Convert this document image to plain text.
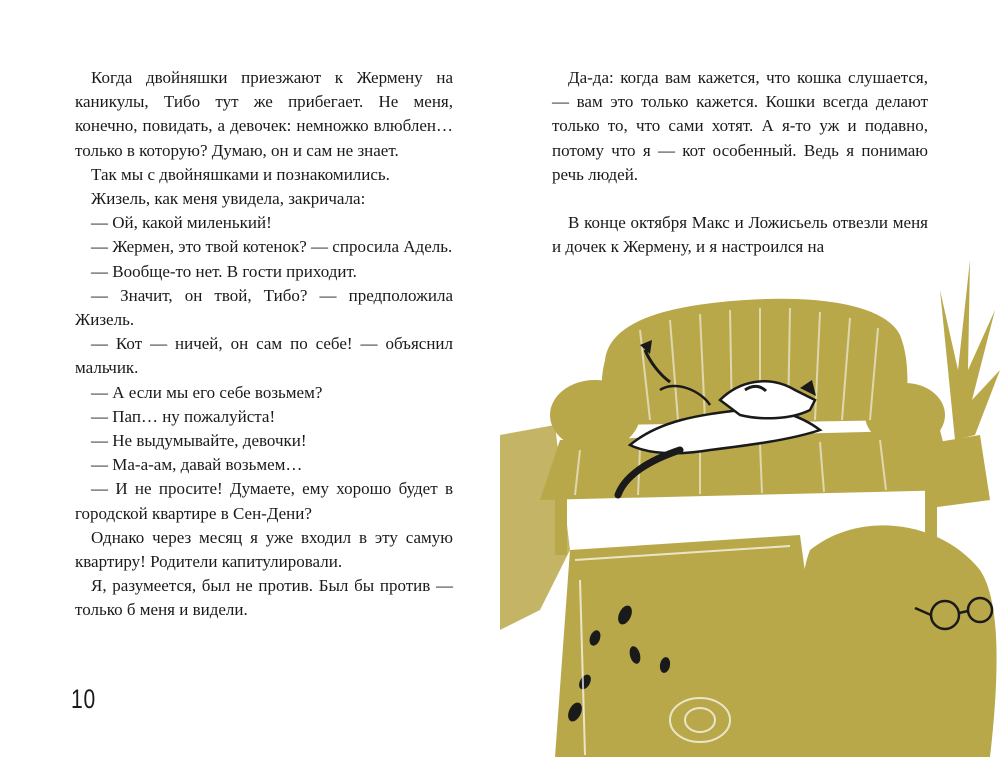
Когда двойняшки приезжают к Жермену на каникулы, Тибо тут же прибегает. Не меня, конечно, повидать, а девочек: немножко влюблен… только в которую? Думаю, он и сам не знает.

Так мы с двойняшками и познакомились.

Жизель, как меня увидела, закричала:

— Ой, какой миленький!

— Жермен, это твой котенок? — спросила Адель.

— Вообще-то нет. В гости приходит.

— Значит, он твой, Тибо? — предположила Жизель.

— Кот — ничей, он сам по себе! — объяснил мальчик.

— А если мы его себе возьмем?

— Пап… ну пожалуйста!

— Не выдумывайте, девочки!

— Ма-а-ам, давай возьмем…

— И не просите! Думаете, ему хорошо будет в городской квартире в Сен-Дени?

Однако через месяц я уже входил в эту самую квартиру! Родители капитулировали.

Я, разумеется, был не против. Был бы против — только б меня и видели.

10

Да-да: когда вам кажется, что кошка слушается, — вам это только кажется. Кошки всегда делают только то, что сами хотят. А я-то уж и подавно, потому что я — кот особенный. Ведь я понимаю речь людей.

В конце октября Макс и Ложисьель отвезли меня и дочек к Жермену, и я настроился на
